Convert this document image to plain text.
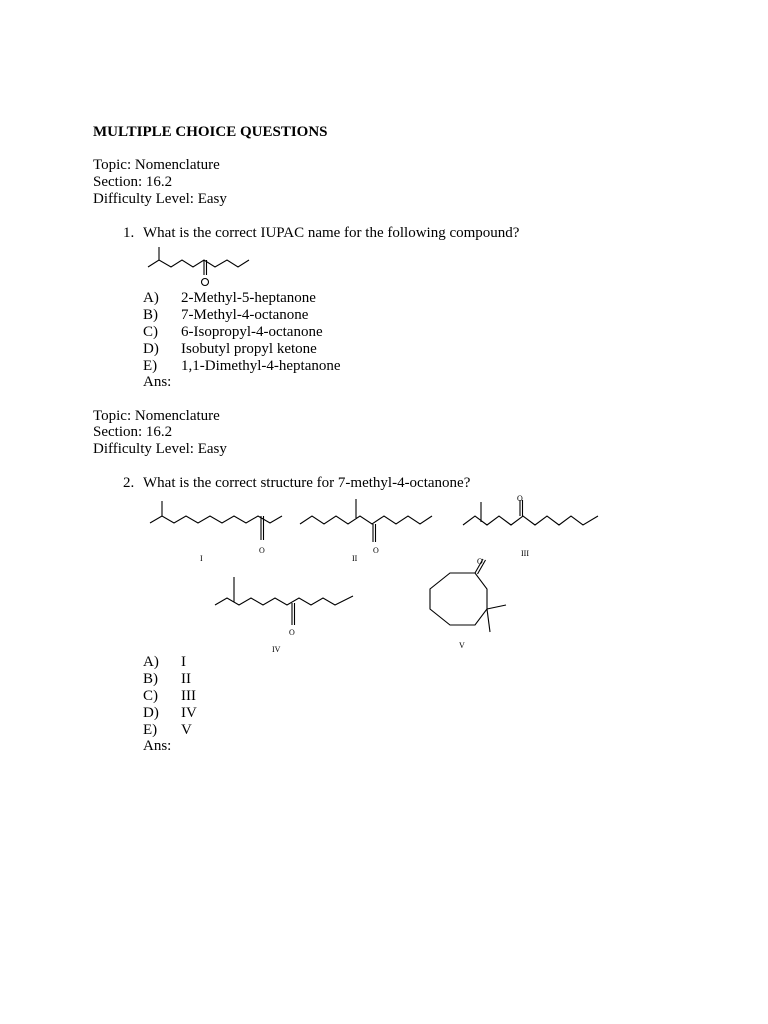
MULTIPLE CHOICE QUESTIONS
Topic: Nomenclature
Section: 16.2
Difficulty Level: Easy
1. What is the correct IUPAC name for the following compound?
A) 2-Methyl-5-heptanone
B) 7-Methyl-4-octanone
C) 6-Isopropyl-4-octanone
D) Isobutyl propyl ketone
E) 1,1-Dimethyl-4-heptanone
Ans:
Topic: Nomenclature
Section: 16.2
Difficulty Level: Easy
2. What is the correct structure for 7-methyl-4-octanone?
O
I
O
II
O
III
O
IV
O
V
A) I
B) II
C) III
D) IV
E) V
Ans:
